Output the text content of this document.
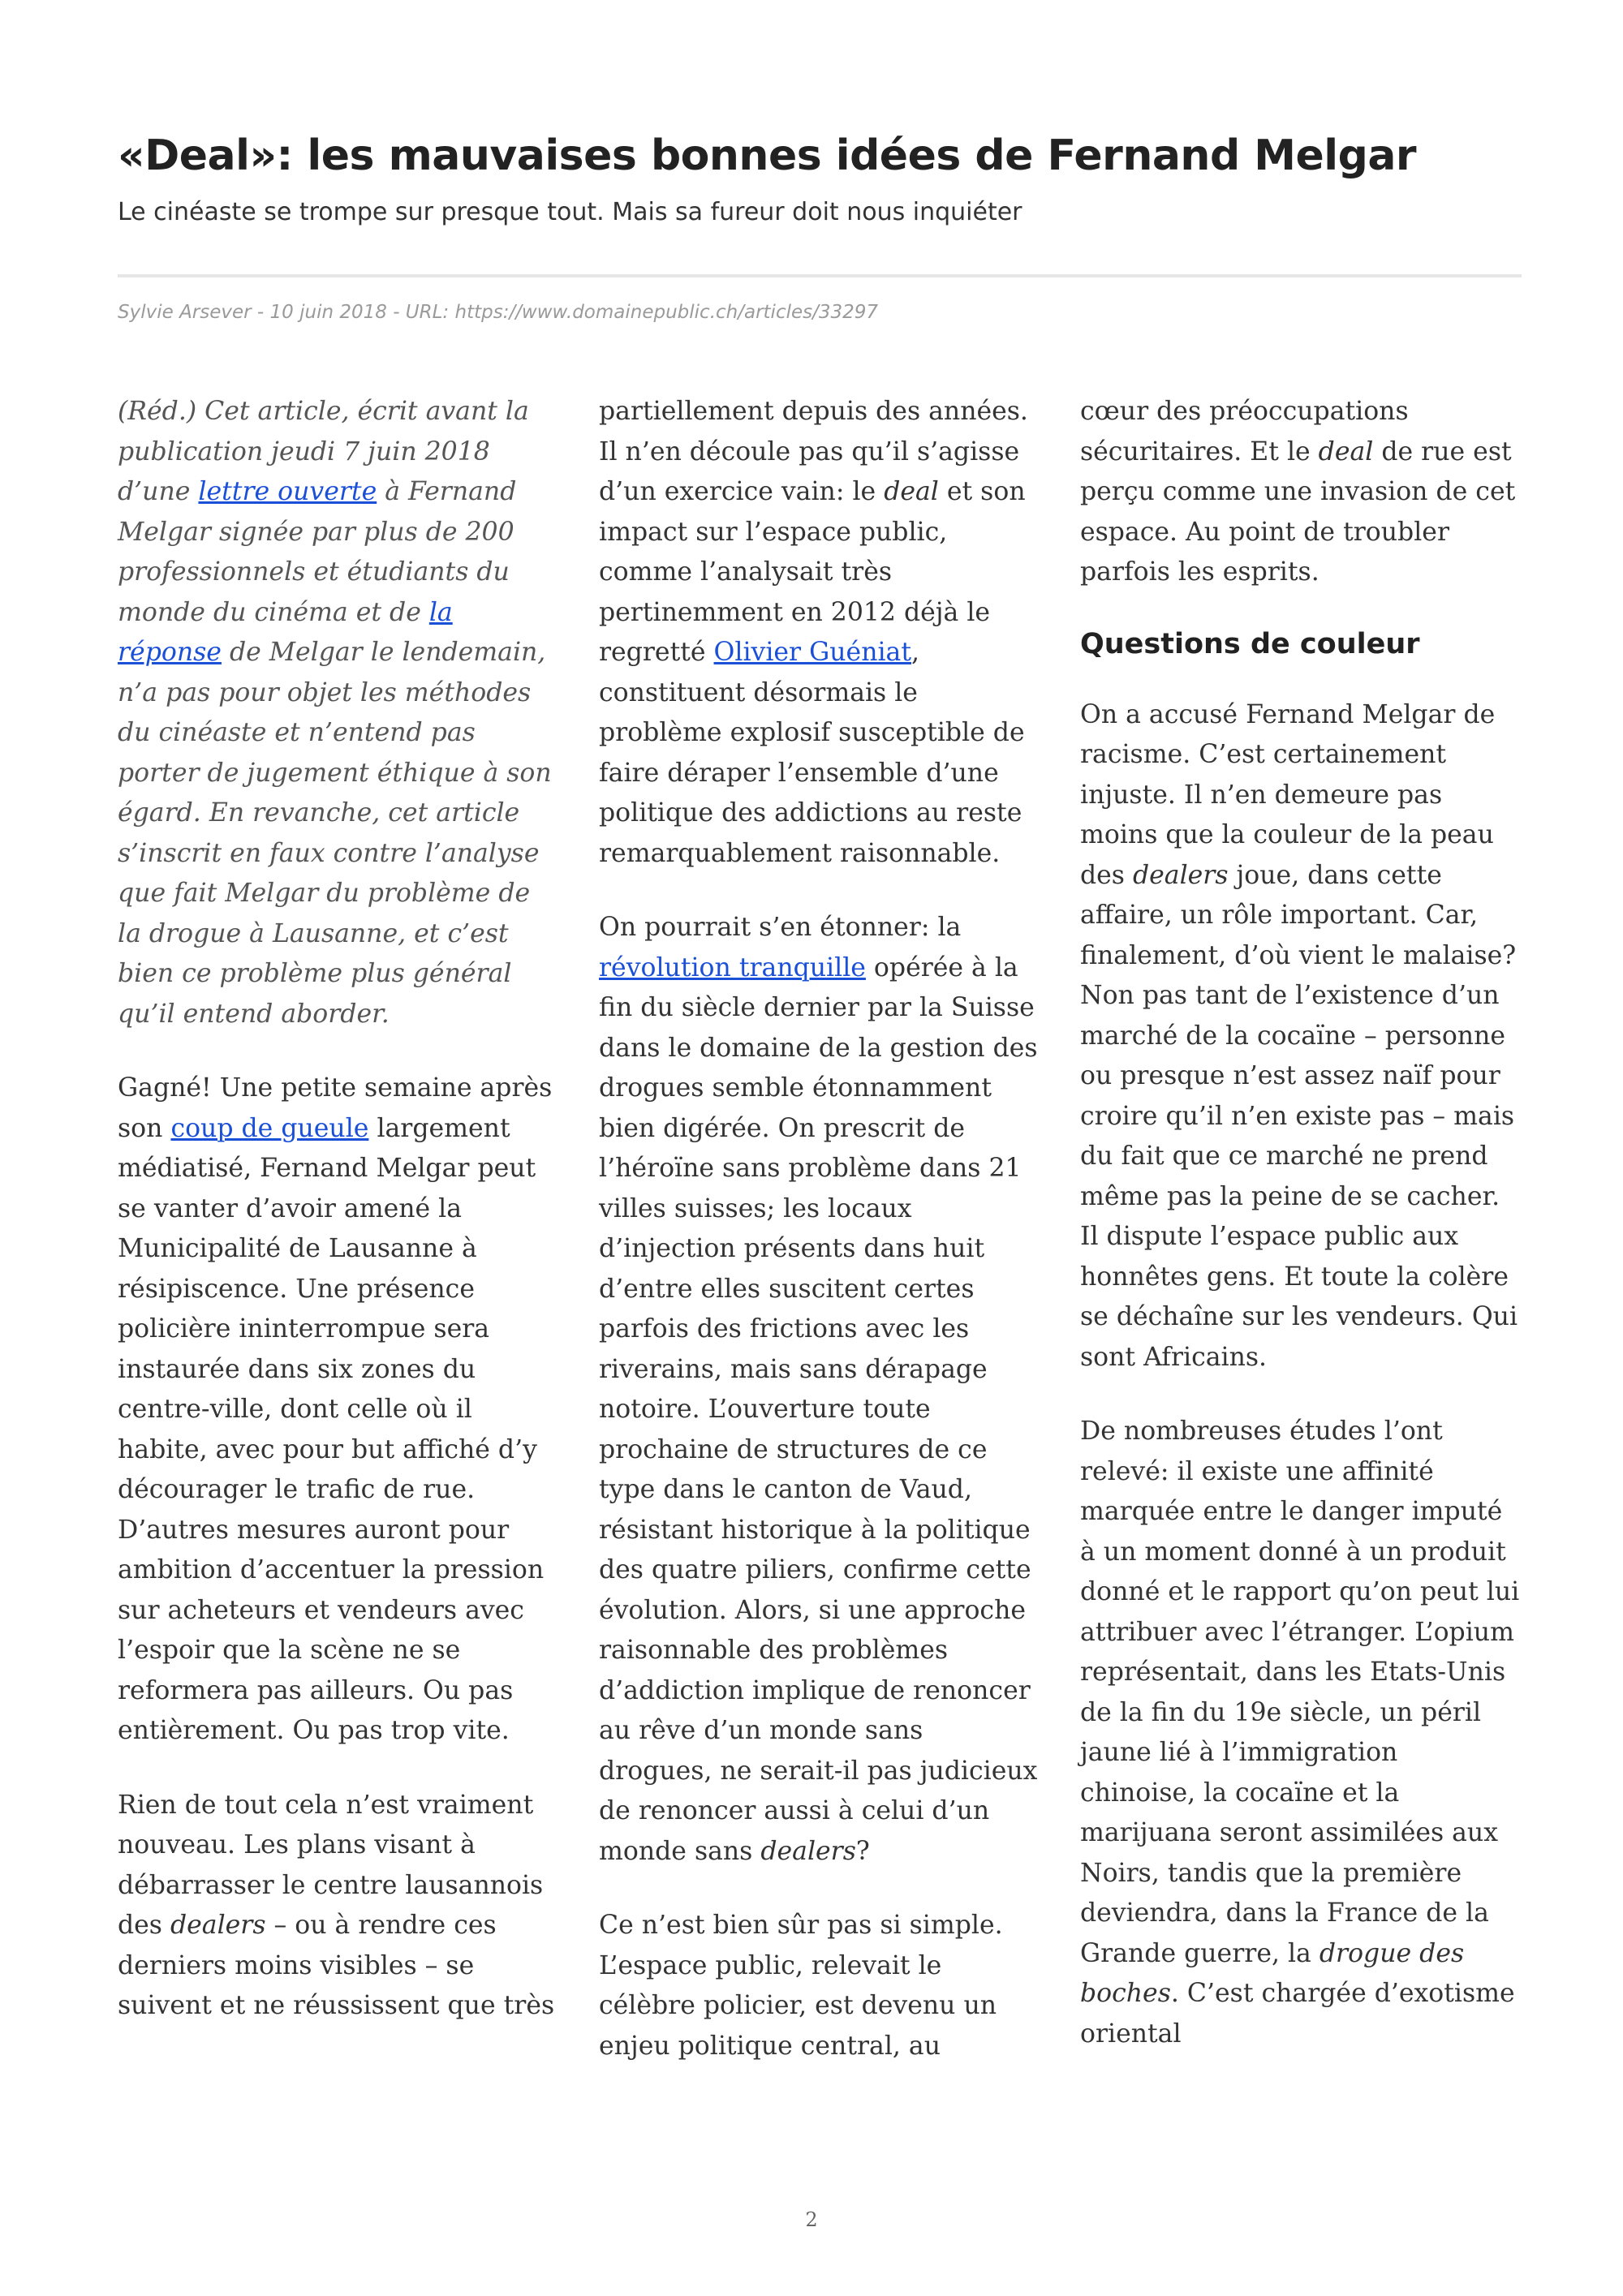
«Deal»: les mauvaises bonnes idées de Fernand Melgar
Le cinéaste se trompe sur presque tout. Mais sa fureur doit nous inquiéter
Sylvie Arsever - 10 juin 2018 - URL: https://www.domainepublic.ch/articles/33297

(Réd.) Cet article, écrit avant la publication jeudi 7 juin 2018 d’une lettre ouverte à Fernand Melgar signée par plus de 200 professionnels et étudiants du monde du cinéma et de la réponse de Melgar le lendemain, n’a pas pour objet les méthodes du cinéaste et n’entend pas porter de jugement éthique à son égard. En revanche, cet article s’inscrit en faux contre l’analyse que fait Melgar du problème de la drogue à Lausanne, et c’est bien ce problème plus général qu’il entend aborder.

Gagné! Une petite semaine après son coup de gueule largement médiatisé, Fernand Melgar peut se vanter d’avoir amené la Municipalité de Lausanne à résipiscence. Une présence policière ininterrompue sera instaurée dans six zones du centre-ville, dont celle où il habite, avec pour but affiché d’y décourager le trafic de rue. D’autres mesures auront pour ambition d’accentuer la pression sur acheteurs et vendeurs avec l’espoir que la scène ne se reformera pas ailleurs. Ou pas entièrement. Ou pas trop vite.

Rien de tout cela n’est vraiment nouveau. Les plans visant à débarrasser le centre lausannois des dealers – ou à rendre ces derniers moins visibles – se suivent et ne réussissent que très

partiellement depuis des années. Il n’en découle pas qu’il s’agisse d’un exercice vain: le deal et son impact sur l’espace public, comme l’analysait très pertinemment en 2012 déjà le regretté Olivier Guéniat, constituent désormais le problème explosif susceptible de faire déraper l’ensemble d’une politique des addictions au reste remarquablement raisonnable.

On pourrait s’en étonner: la révolution tranquille opérée à la fin du siècle dernier par la Suisse dans le domaine de la gestion des drogues semble étonnamment bien digérée. On prescrit de l’héroïne sans problème dans 21 villes suisses; les locaux d’injection présents dans huit d’entre elles suscitent certes parfois des frictions avec les riverains, mais sans dérapage notoire. L’ouverture toute prochaine de structures de ce type dans le canton de Vaud, résistant historique à la politique des quatre piliers, confirme cette évolution. Alors, si une approche raisonnable des problèmes d’addiction implique de renoncer au rêve d’un monde sans drogues, ne serait-il pas judicieux de renoncer aussi à celui d’un monde sans dealers?

Ce n’est bien sûr pas si simple. L’espace public, relevait le célèbre policier, est devenu un enjeu politique central, au

cœur des préoccupations sécuritaires. Et le deal de rue est perçu comme une invasion de cet espace. Au point de troubler parfois les esprits.

Questions de couleur

On a accusé Fernand Melgar de racisme. C’est certainement injuste. Il n’en demeure pas moins que la couleur de la peau des dealers joue, dans cette affaire, un rôle important. Car, finalement, d’où vient le malaise? Non pas tant de l’existence d’un marché de la cocaïne – personne ou presque n’est assez naïf pour croire qu’il n’en existe pas – mais du fait que ce marché ne prend même pas la peine de se cacher. Il dispute l’espace public aux honnêtes gens. Et toute la colère se déchaîne sur les vendeurs. Qui sont Africains.

De nombreuses études l’ont relevé: il existe une affinité marquée entre le danger imputé à un moment donné à un produit donné et le rapport qu’on peut lui attribuer avec l’étranger. L’opium représentait, dans les Etats-Unis de la fin du 19e siècle, un péril jaune lié à l’immigration chinoise, la cocaïne et la marijuana seront assimilées aux Noirs, tandis que la première deviendra, dans la France de la Grande guerre, la drogue des boches. C’est chargée d’exotisme oriental

2
